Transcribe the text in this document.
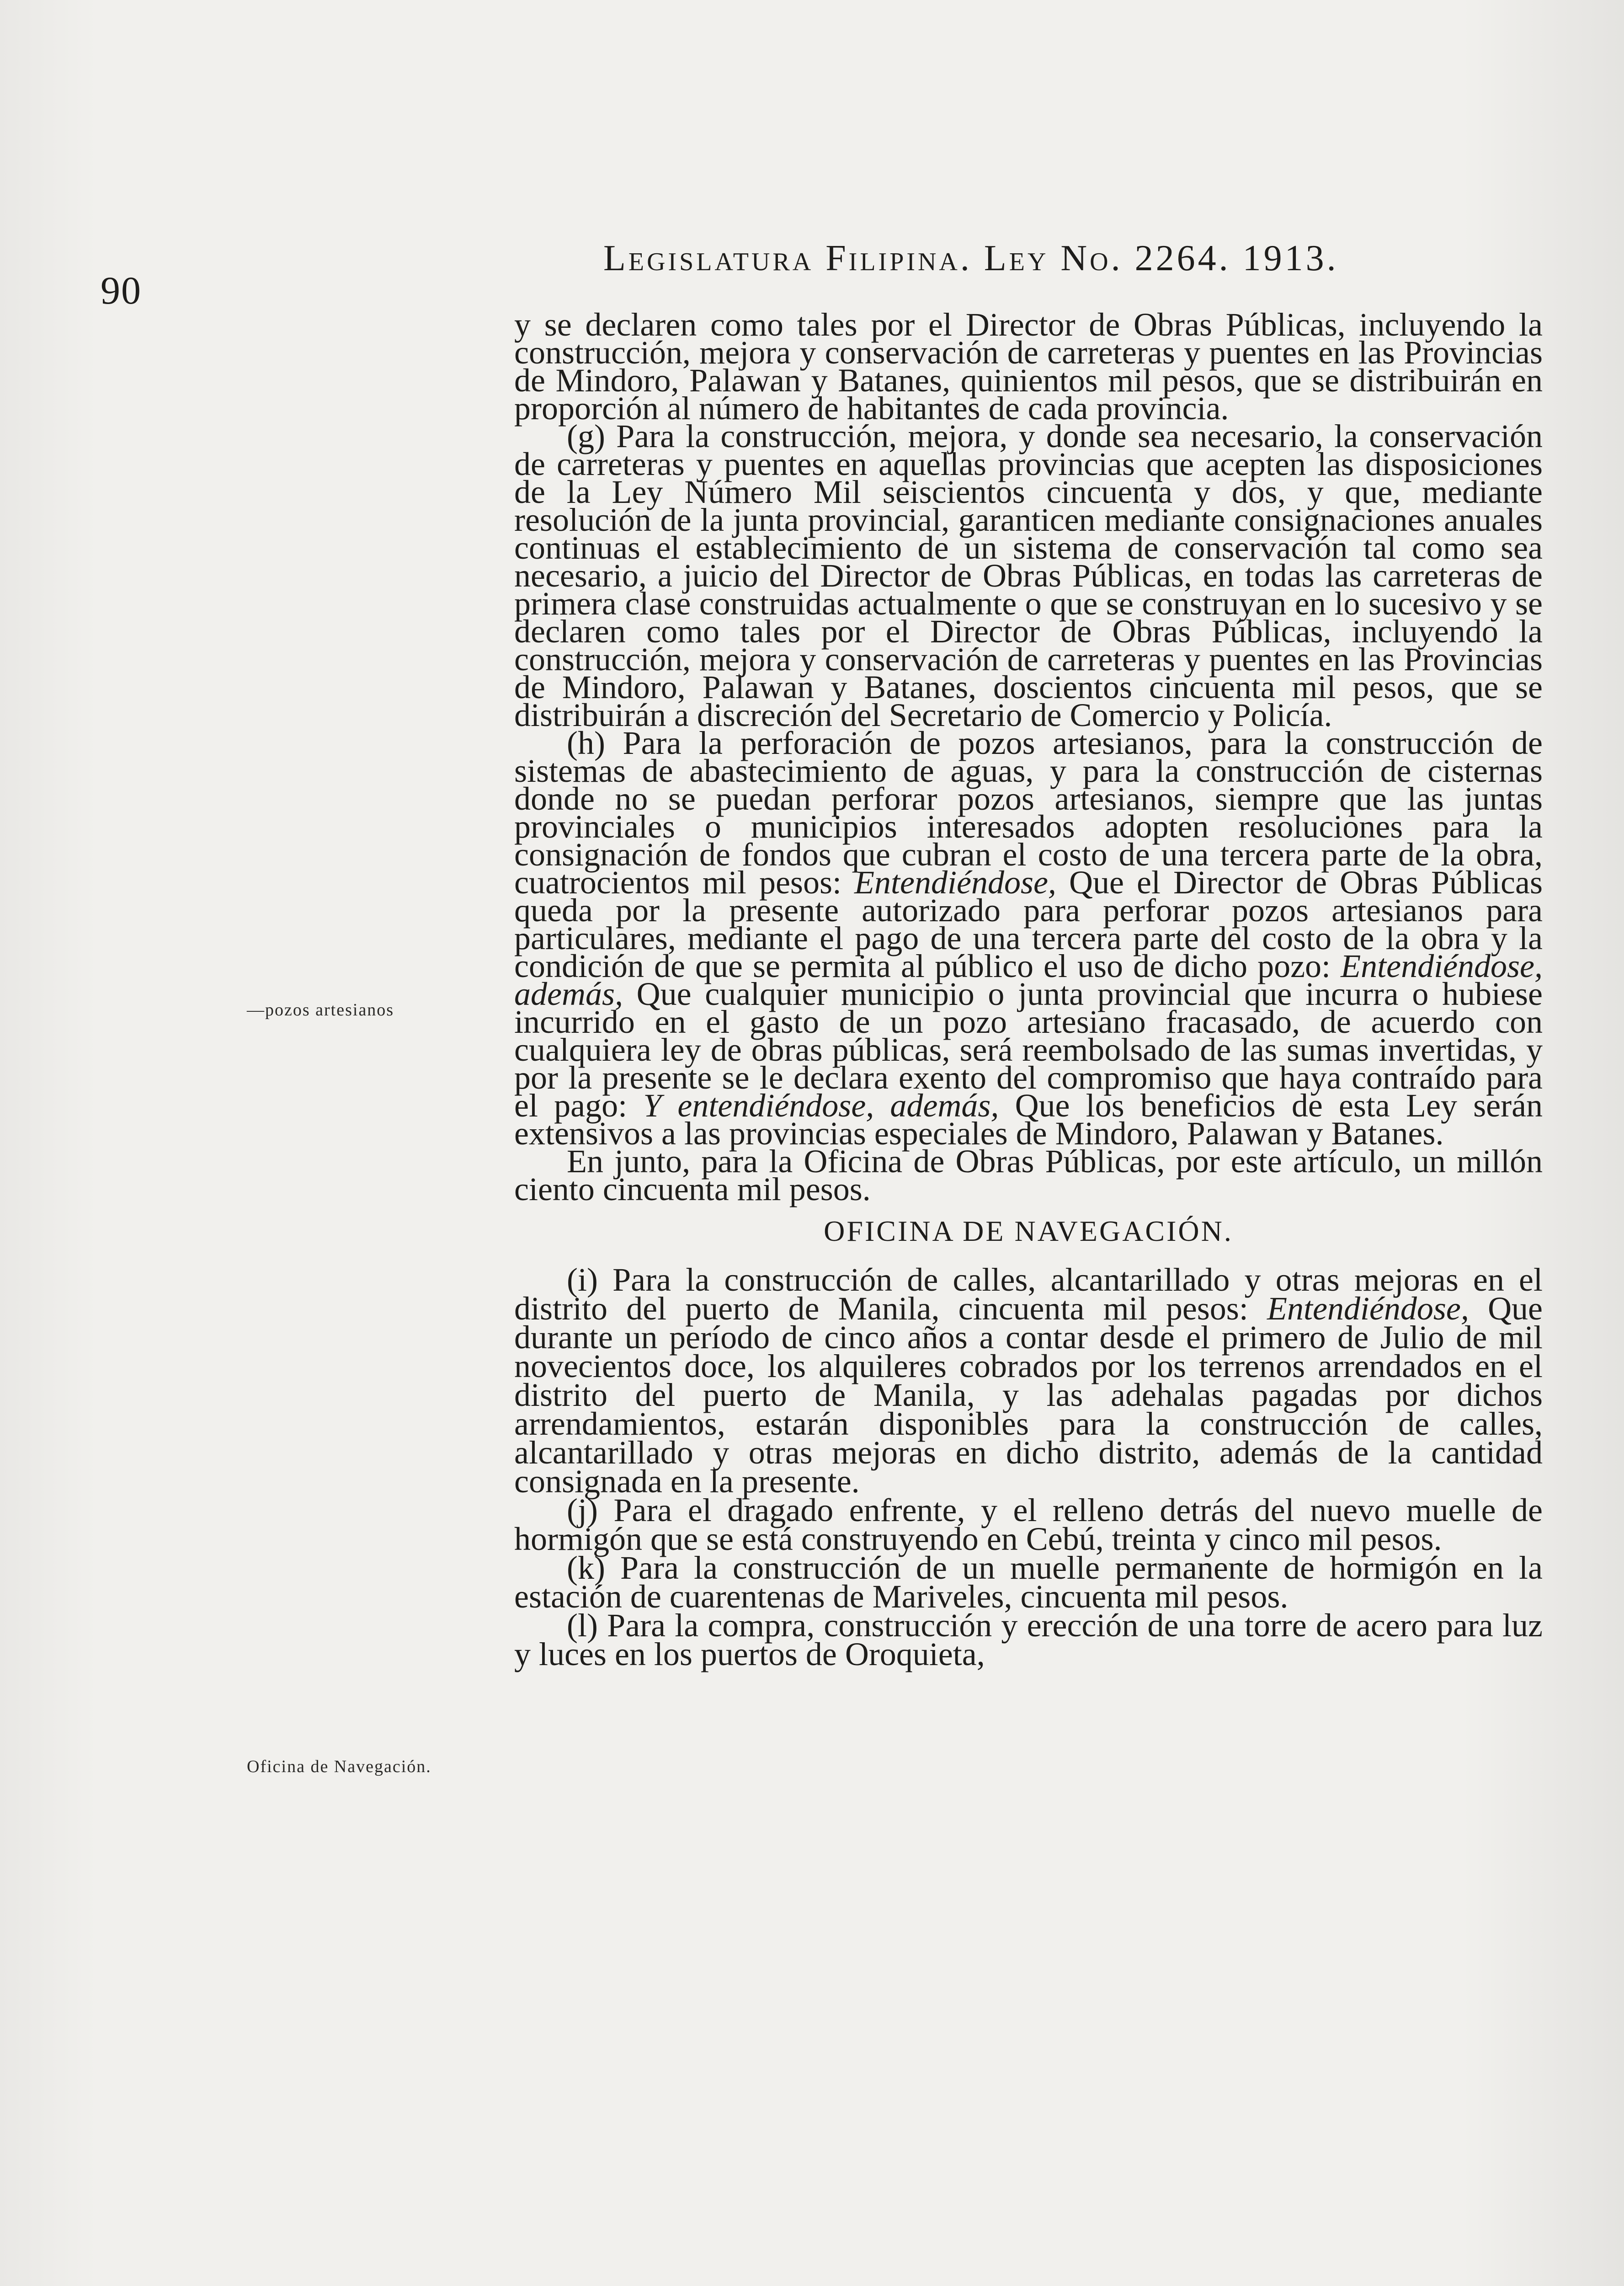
90
Legislatura Filipina. Ley No. 2264. 1913.
—pozos artesianos
Oficina de Navegación.

y se declaren como tales por el Director de Obras Públicas, incluyendo la construcción, mejora y conservación de carreteras y puentes en las Provincias de Mindoro, Palawan y Batanes, quinientos mil pesos, que se distribuirán en proporción al número de habitantes de cada provincia.

(g) Para la construcción, mejora, y donde sea necesario, la conservación de carreteras y puentes en aquellas provincias que acepten las disposiciones de la Ley Número Mil seiscientos cincuenta y dos, y que, mediante resolución de la junta provincial, garanticen mediante consignaciones anuales continuas el establecimiento de un sistema de conservación tal como sea necesario, a juicio del Director de Obras Públicas, en todas las carreteras de primera clase construidas actualmente o que se construyan en lo sucesivo y se declaren como tales por el Director de Obras Públicas, incluyendo la construcción, mejora y conservación de carreteras y puentes en las Provincias de Mindoro, Palawan y Batanes, doscientos cincuenta mil pesos, que se distribuirán a discreción del Secretario de Comercio y Policía.

(h) Para la perforación de pozos artesianos, para la construcción de sistemas de abastecimiento de aguas, y para la construcción de cisternas donde no se puedan perforar pozos artesianos, siempre que las juntas provinciales o municipios interesados adopten resoluciones para la consignación de fondos que cubran el costo de una tercera parte de la obra, cuatrocientos mil pesos: Entendiéndose, Que el Director de Obras Públicas queda por la presente autorizado para perforar pozos artesianos para particulares, mediante el pago de una tercera parte del costo de la obra y la condición de que se permita al público el uso de dicho pozo: Entendiéndose, además, Que cualquier municipio o junta provincial que incurra o hubiese incurrido en el gasto de un pozo artesiano fracasado, de acuerdo con cualquiera ley de obras públicas, será reembolsado de las sumas invertidas, y por la presente se le declara exento del compromiso que haya contraído para el pago: Y entendiéndose, además, Que los beneficios de esta Ley serán extensivos a las provincias especiales de Mindoro, Palawan y Batanes.

En junto, para la Oficina de Obras Públicas, por este artículo, un millón ciento cincuenta mil pesos.

OFICINA DE NAVEGACIÓN.

(i) Para la construcción de calles, alcantarillado y otras mejoras en el distrito del puerto de Manila, cincuenta mil pesos: Entendiéndose, Que durante un período de cinco años a contar desde el primero de Julio de mil novecientos doce, los alquileres cobrados por los terrenos arrendados en el distrito del puerto de Manila, y las adehalas pagadas por dichos arrendamientos, estarán disponibles para la construcción de calles, alcantarillado y otras mejoras en dicho distrito, además de la cantidad consignada en la presente.

(j) Para el dragado enfrente, y el relleno detrás del nuevo muelle de hormigón que se está construyendo en Cebú, treinta y cinco mil pesos.

(k) Para la construcción de un muelle permanente de hormigón en la estación de cuarentenas de Mariveles, cincuenta mil pesos.

(l) Para la compra, construcción y erección de una torre de acero para luz y luces en los puertos de Oroquieta,
